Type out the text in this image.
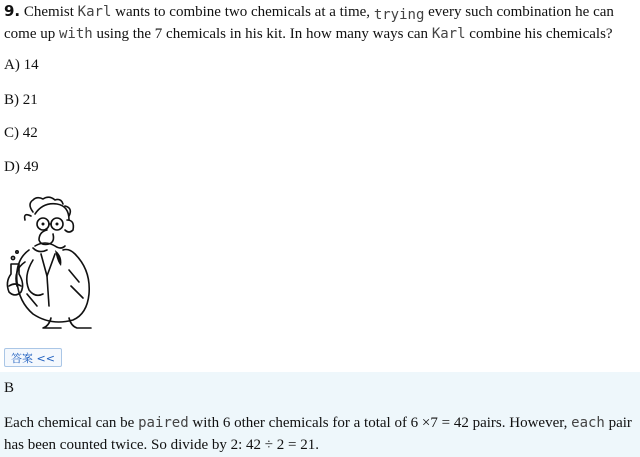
9. Chemist Karl wants to combine two chemicals at a time, trying every such combination he can come up with using the 7 chemicals in his kit. In how many ways can Karl combine his chemicals?
A) 14
B) 21
C) 42
D) 49
答案 <<
B
Each chemical can be paired with 6 other chemicals for a total of 6 ×7 = 42 pairs. However, each pair has been counted twice. So divide by 2: 42 ÷ 2 = 21.
